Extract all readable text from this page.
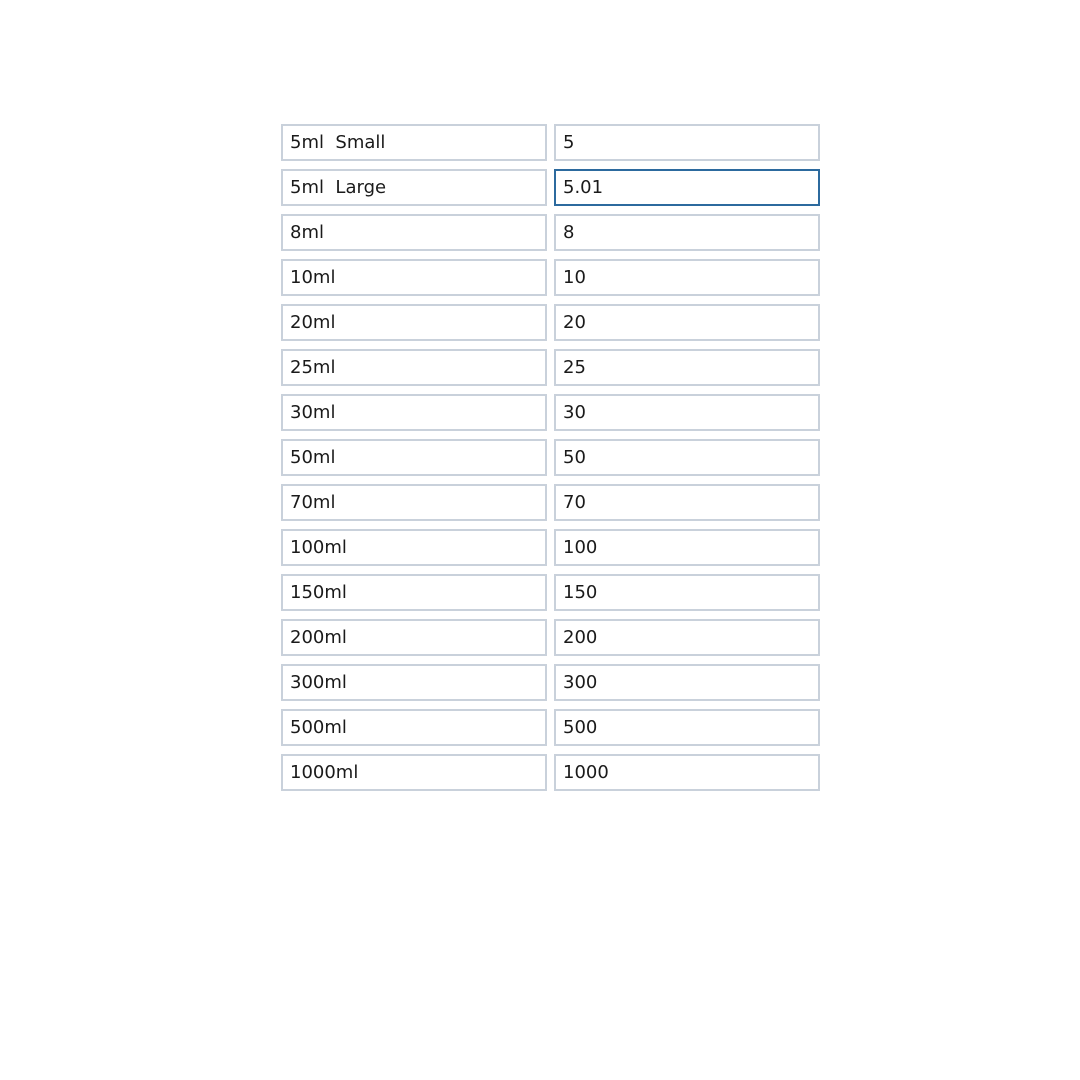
5ml Small
5
5ml Large
5.01
8ml
8
10ml
10
20ml
20
25ml
25
30ml
30
50ml
50
70ml
70
100ml
100
150ml
150
200ml
200
300ml
300
500ml
500
1000ml
1000
